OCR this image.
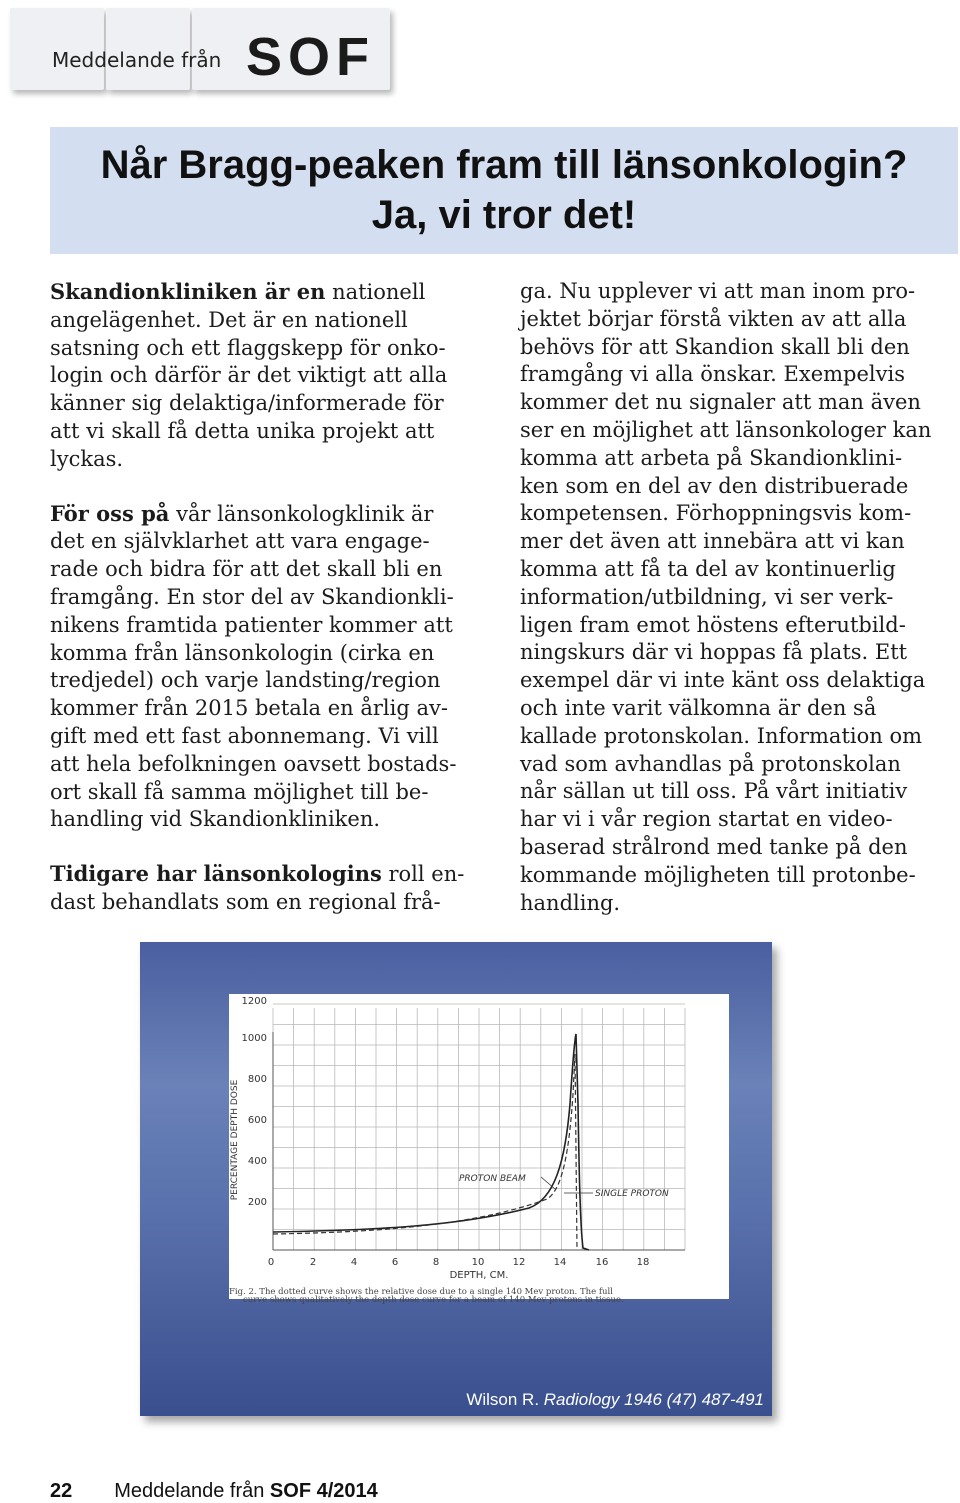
Meddelande från SOF
Når Bragg-peaken fram till länsonkologin?
Ja, vi tror det!

Skandionkliniken är en nationell
angelägenhet. Det är en nationell
satsning och ett flaggskepp för onko-
login och därför är det viktigt att alla
känner sig delaktiga/informerade för
att vi skall få detta unika projekt att
lyckas.

För oss på vår länsonkologklinik är
det en självklarhet att vara engage-
rade och bidra för att det skall bli en
framgång. En stor del av Skandionkli-
nikens framtida patienter kommer att
komma från länsonkologin (cirka en
tredjedel) och varje landsting/region
kommer från 2015 betala en årlig av-
gift med ett fast abonnemang. Vi vill
att hela befolkningen oavsett bostads-
ort skall få samma möjlighet till be-
handling vid Skandionkliniken.

Tidigare har länsonkologins roll en-
dast behandlats som en regional frå-

ga. Nu upplever vi att man inom pro-
jektet börjar förstå vikten av att alla
behövs för att Skandion skall bli den
framgång vi alla önskar. Exempelvis
kommer det nu signaler att man även
ser en möjlighet att länsonkologer kan
komma att arbeta på Skandionklini-
ken som en del av den distribuerade
kompetensen. Förhoppningsvis kom-
mer det även att innebära att vi kan
komma att få ta del av kontinuerlig
information/utbildning, vi ser verk-
ligen fram emot höstens efterutbild-
ningskurs där vi hoppas få plats. Ett
exempel där vi inte känt oss delaktiga
och inte varit välkomna är den så
kallade protonskolan. Information om
vad som avhandlas på protonskolan
når sällan ut till oss. På vårt initiativ
har vi i vår region startat en video-
baserad strålrond med tanke på den
kommande möjligheten till protonbe-
handling.

200
400
600
800
1000
1200
0	2	4	6	8	10	12	14	16	18
PERCENTAGE DEPTH DOSE
DEPTH, CM.
PROTON BEAM
SINGLE PROTON
Fig. 2. The dotted curve shows the relative dose due to a single 140 Mev proton. The full
curve shows qualitatively the depth dose curve for a beam of 140 Mev protons in tissue.
Wilson R. Radiology 1946 (47) 487-491
22 Meddelande från SOF 4/2014
